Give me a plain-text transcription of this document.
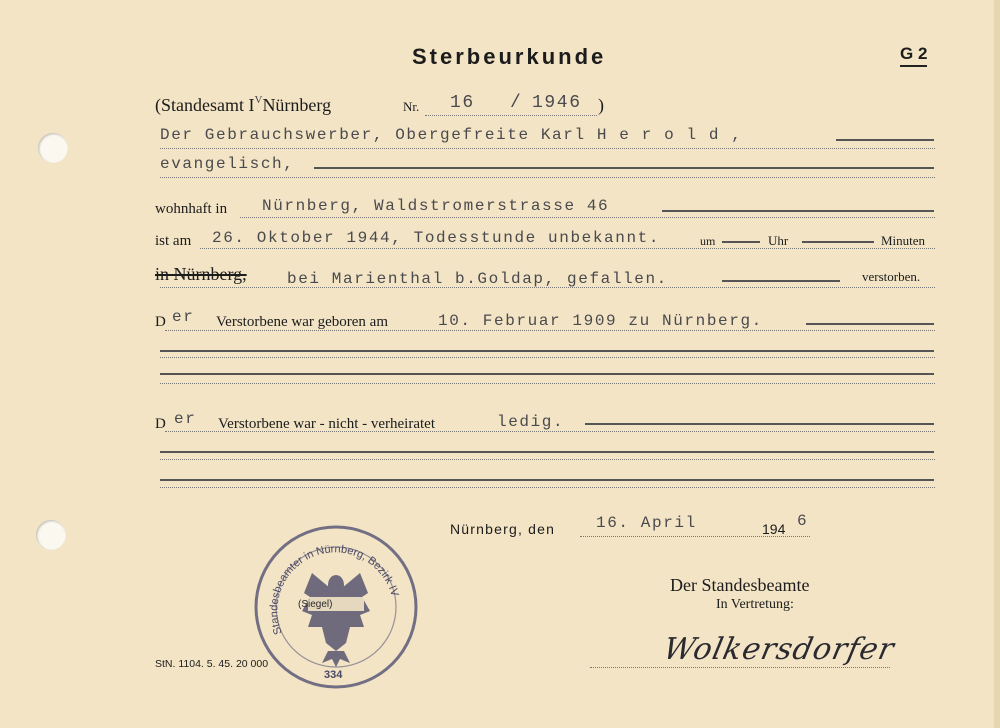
Sterbeurkunde	G 2
(Standesamt $I^VNürnberg$	Nr. 16 / 1946 )
Der Gebrauchswerber, Obergefreite Karl H e r o l d ,
evangelisch,
wohnhaft in Nürnberg, Waldstromerstrasse 46
ist am 26. Oktober 1944, Todesstunde unbekannt.	um	Uhr	Minuten
in Nürnberg,	bei Marienthal b.Goldap, gefallen.	verstorben.
D er Verstorbene war geboren am	10. Februar 1909 zu Nürnberg.
D er Verstorbene war - nicht - verheiratet	ledig.
Nürnberg, den	16. April	194 6
Der Standesbeamte
In Vertretung:
Wolkersdorfer
Standesbeamter in Nürnberg, Bezirk IV
(Siegel)
334
StN. 1104. 5. 45. 20 000
